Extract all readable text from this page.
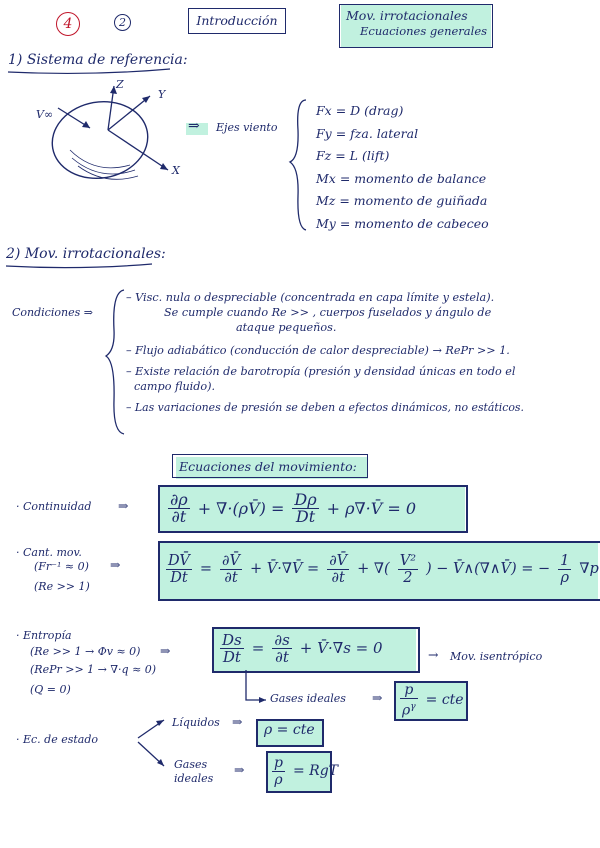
4	2	Introducción	Mov. irrotacionales
Ecuaciones generales
1) Sistema de referencia:
V∞
Z
Y
X
⇒ Ejes viento
Fx = D (drag)
Fy = fza. lateral
Fz = L (lift)
Mx = momento de balance
Mz = momento de guiñada
My = momento de cabeceo
2) Mov. irrotacionales:
Condiciones ⇒
– Visc. nula o despreciable (concentrada en capa límite y estela).
Se cumple cuando Re >> , cuerpos fuselados y ángulo de
ataque pequeños.
– Flujo adiabático (conducción de calor despreciable) → RePr >> 1.
– Existe relación de barotropía (presión y densidad únicas en todo el
campo fluido).
– Las variaciones de presión se deben a efectos dinámicos, no estáticos.
Ecuaciones del movimiento:
· Continuidad ⇒ $\frac{\partial\rho}{\partial t}$ + ∇·(ρV̄) = $\frac{D\rho}{Dt}$ + ρ∇·V̄ = 0
· Cant. mov.
(Fr⁻¹ ≈ 0)
(Re >> 1)
⇒	$\frac{DV̄}{Dt} = \frac{\partial V̄}{\partial t}$ + V̄·∇V̄ = $\frac{\partial V̄}{\partial t}$ + ∇( $\frac{\text{V²}}{2}$ ) − V̄∧(∇∧V̄) = − $\frac{1}{\rho} \nabla p$
· Entropía
(Re >> 1 → Φv ≈ 0)
(RePr >> 1 → ∇·q ≈ 0)
(Q = 0)
⇒	$\frac{Ds}{Dt} = \frac{\partial s}{\partial t}$ + V̄·∇s = 0	→ Mov. isentrópico
Gases ideales ⇒ $\frac{p}{\rho^\gamma}$ = cte
· Ec. de estado
Líquidos ⇒
ρ = cte
Gases
ideales
⇒ $\frac{p}{\rho}$ = RgT
